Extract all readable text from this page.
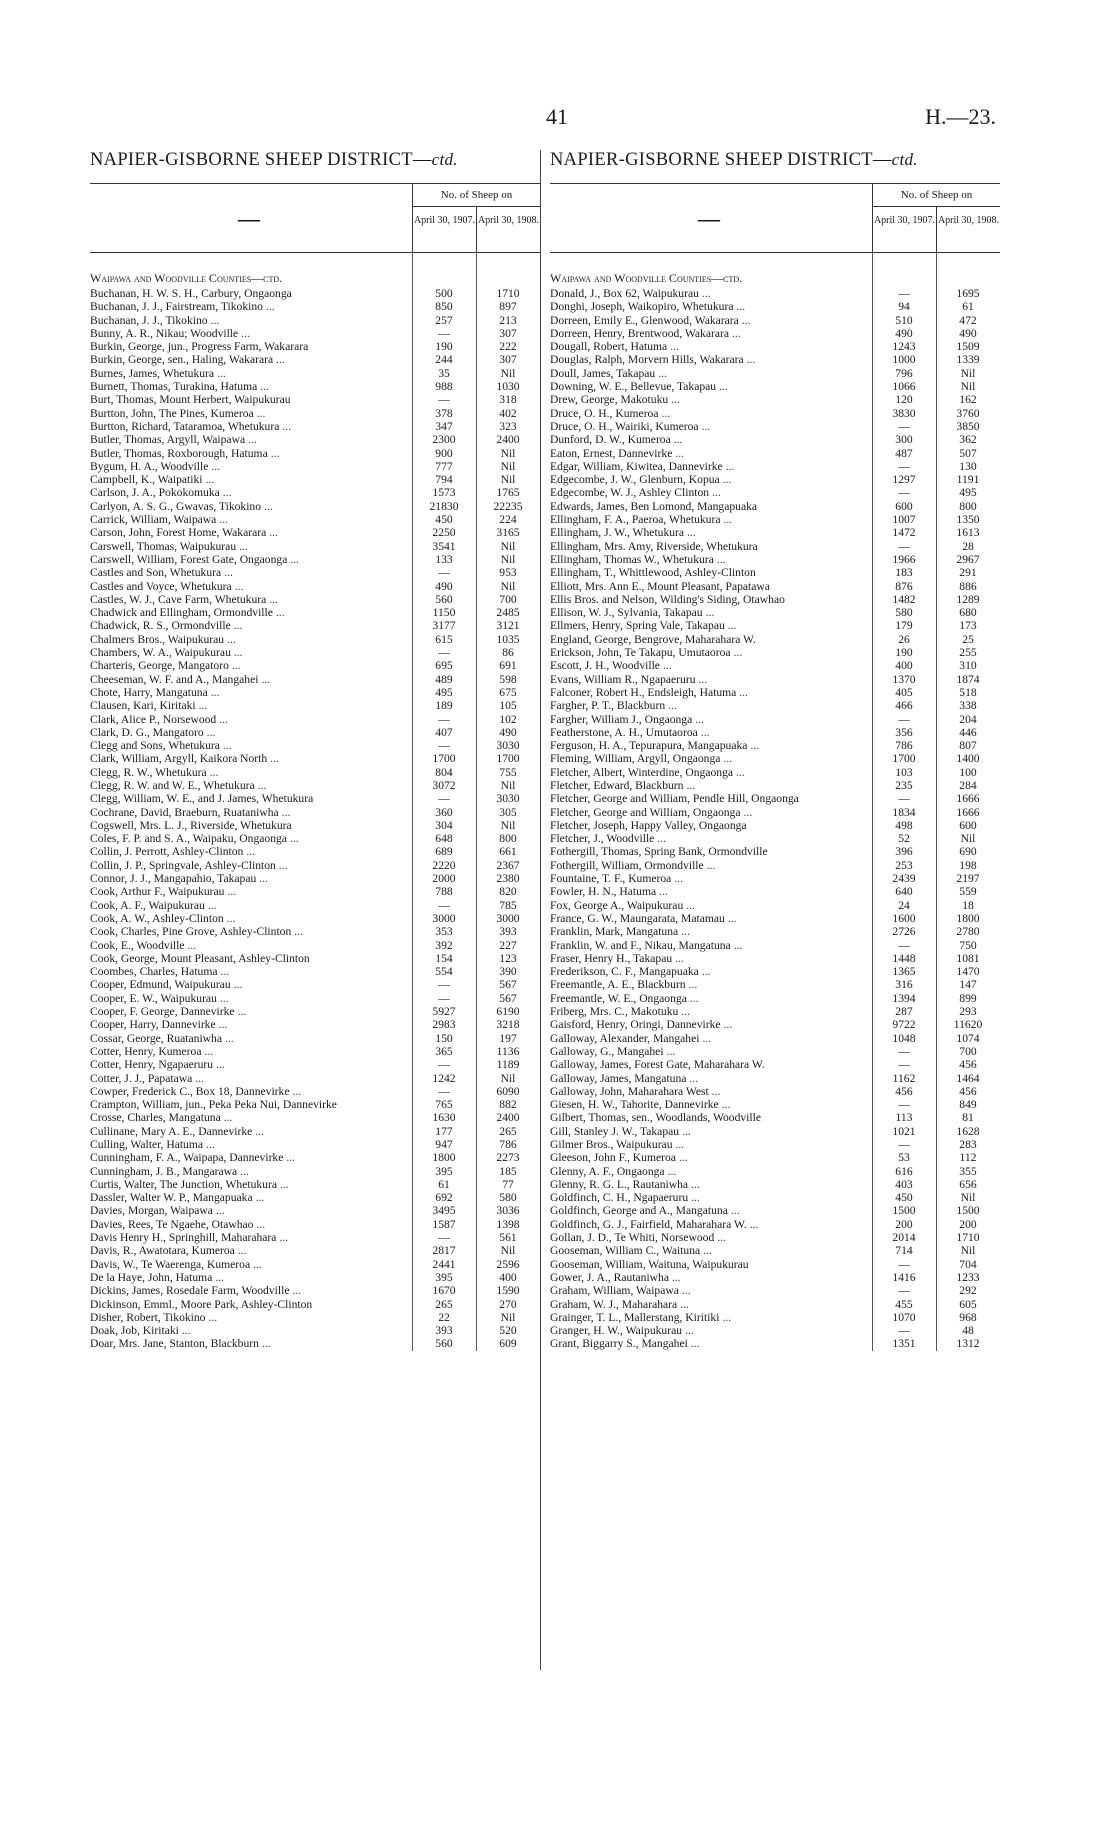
41	H.—23.
NAPIER-GISBORNE SHEEP DISTRICT—ctd.
—
No. of Sheep on
April 30, 1907. April 30, 1908.
Waipawa and Woodville Counties—ctd.
Buchanan, H. W. S. H., Carbury, Ongaonga	500	1710
Buchanan, J. J., Fairstream, Tikokino ...	850	897
Buchanan, J. J., Tikokino ...	257	213
Bunny, A. R., Nikau; Woodville ...	—	307
Burkin, George, jun., Progress Farm, Wakarara	190	222
Burkin, George, sen., Haling, Wakarara ...	244	307
Burnes, James, Whetukura ...	35	Nil
Burnett, Thomas, Turakina, Hatuma ...	988	1030
Burt, Thomas, Mount Herbert, Waipukurau	—	318
Burtton, John, The Pines, Kumeroa ...	378	402
Burtton, Richard, Tataramoa, Whetukura ...	347	323
Butler, Thomas, Argyll, Waipawa ...	2300	2400
Butler, Thomas, Roxborough, Hatuma ...	900	Nil
Bygum, H. A., Woodville ...	777	Nil
Campbell, K., Waipatiki ...	794	Nil
Carlson, J. A., Pokokomuka ...	1573	1765
Carlyon, A. S. G., Gwavas, Tikokino ...	21830	22235
Carrick, William, Waipawa ...	450	224
Carson, John, Forest Home, Wakarara ...	2250	3165
Carswell, Thomas, Waipukurau ...	3541	Nil
Carswell, William, Forest Gate, Ongaonga ...	133	Nil
Castles and Son, Whetukura ...	—	953
Castles and Voyce, Whetukura ...	490	Nil
Castles, W. J., Cave Farm, Whetukura ...	560	700
Chadwick and Ellingham, Ormondville ...	1150	2485
Chadwick, R. S., Ormondville ...	3177	3121
Chalmers Bros., Waipukurau ...	615	1035
Chambers, W. A., Waipukurau ...	—	86
Charteris, George, Mangatoro ...	695	691
Cheeseman, W. F. and A., Mangahei ...	489	598
Chote, Harry, Mangatuna ...	495	675
Clausen, Kari, Kiritaki ...	189	105
Clark, Alice P., Norsewood ...	—	102
Clark, D. G., Mangatoro ...	407	490
Clegg and Sons, Whetukura ...	—	3030
Clark, William, Argyll, Kaikora North ...	1700	1700
Clegg, R. W., Whetukura ...	804	755
Clegg, R. W. and W. E., Whetukura ...	3072	Nil
Clegg, William, W. E., and J. James, Whetukura	—	3030
Cochrane, David, Braeburn, Ruataniwha ...	360	305
Cogswell, Mrs. L. J., Riverside, Whetukura	304	Nil
Coles, F. P. and S. A., Waipaku, Ongaonga ...	648	800
Collin, J. Perrott, Ashley-Clinton ...	689	661
Collin, J. P., Springvale, Ashley-Clinton ...	2220	2367
Connor, J. J., Mangapahio, Takapau ...	2000	2380
Cook, Arthur F., Waipukurau ...	788	820
Cook, A. F., Waipukurau ...	—	785
Cook, A. W., Ashley-Clinton ...	3000	3000
Cook, Charles, Pine Grove, Ashley-Clinton ...	353	393
Cook, E., Woodville ...	392	227
Cook, George, Mount Pleasant, Ashley-Clinton	154	123
Coombes, Charles, Hatuma ...	554	390
Cooper, Edmund, Waipukurau ...	—	567
Cooper, E. W., Waipukurau ...	—	567
Cooper, F. George, Dannevirke ...	5927	6190
Cooper, Harry, Dannevirke ...	2983	3218
Cossar, George, Ruataniwha ...	150	197
Cotter, Henry, Kumeroa ...	365	1136
Cotter, Henry, Ngapaeruru ...	—	1189
Cotter, J. J., Papatawa ...	1242	Nil
Cowper, Frederick C., Box 18, Dannevirke ...	—	6090
Crampton, William, jun., Peka Peka Nui, Dannevirke	765	882
Crosse, Charles, Mangatuna ...	1630	2400
Cullinane, Mary A. E., Dannevirke ...	177	265
Culling, Walter, Hatuma ...	947	786
Cunningham, F. A., Waipapa, Dannevirke ...	1800	2273
Cunningham, J. B., Mangarawa ...	395	185
Curtis, Walter, The Junction, Whetukura ...	61	77
Dassler, Walter W. P., Mangapuaka ...	692	580
Davies, Morgan, Waipawa ...	3495	3036
Davies, Rees, Te Ngaehe, Otawhao ...	1587	1398
Davis Henry H., Springhill, Maharahara ...	—	561
Davis, R., Awatotara, Kumeroa ...	2817	Nil
Davis, W., Te Waerenga, Kumeroa ...	2441	2596
De la Haye, John, Hatuma ...	395	400
Dickins, James, Rosedale Farm, Woodville ...	1670	1590
Dickinson, Emml., Moore Park, Ashley-Clinton	265	270
Disher, Robert, Tikokino ...	22	Nil
Doak, Job, Kiritaki ...	393	520
Doar, Mrs. Jane, Stanton, Blackburn ...	560	609
NAPIER-GISBORNE SHEEP DISTRICT—ctd.
—
No. of Sheep on
April 30, 1907. April 30, 1908.
Waipawa and Woodville Counties—ctd.
Donald, J., Box 62, Waipukurau ...	—	1695
Donghi, Joseph, Waikopiro, Whetukura ...	94	61
Dorreen, Emily E., Glenwood, Wakarara ...	510	472
Dorreen, Henry, Brentwood, Wakarara ...	490	490
Dougall, Robert, Hatuma ...	1243	1509
Douglas, Ralph, Morvern Hills, Wakarara ...	1000	1339
Doull, James, Takapau ...	796	Nil
Downing, W. E., Bellevue, Takapau ...	1066	Nil
Drew, George, Makotuku ...	120	162
Druce, O. H., Kumeroa ...	3830	3760
Druce, O. H., Wairiki, Kumeroa ...	—	3850
Dunford, D. W., Kumeroa ...	300	362
Eaton, Ernest, Dannevirke ...	487	507
Edgar, William, Kiwitea, Dannevirke ...	—	130
Edgecombe, J. W., Glenburn, Kopua ...	1297	1191
Edgecombe, W. J., Ashley Clinton ...	—	495
Edwards, James, Ben Lomond, Mangapuaka	600	800
Ellingham, F. A., Paeroa, Whetukura ...	1007	1350
Ellingham, J. W., Whetukura ...	1472	1613
Ellingham, Mrs. Amy, Riverside, Whetukura	—	28
Ellingham, Thomas W., Whetukura ...	1966	2967
Ellingham, T., Whittlewood, Ashley-Clinton	183	291
Elliott, Mrs. Ann E., Mount Pleasant, Papatawa	876	886
Ellis Bros. and Nelson, Wilding's Siding, Otawhao	1482	1289
Ellison, W. J., Sylvania, Takapau ...	580	680
Ellmers, Henry, Spring Vale, Takapau ...	179	173
England, George, Bengrove, Maharahara W.	26	25
Erickson, John, Te Takapu, Umutaoroa ...	190	255
Escott, J. H., Woodville ...	400	310
Evans, William R., Ngapaeruru ...	1370	1874
Falconer, Robert H., Endsleigh, Hatuma ...	405	518
Fargher, P. T., Blackburn ...	466	338
Fargher, William J., Ongaonga ...	—	204
Featherstone, A. H., Umutaoroa ...	356	446
Ferguson, H. A., Tepurapura, Mangapuaka ...	786	807
Fleming, William, Argyll, Ongaonga ...	1700	1400
Fletcher, Albert, Winterdine, Ongaonga ...	103	100
Fletcher, Edward, Blackburn ...	235	284
Fletcher, George and William, Pendle Hill, Ongaonga	—	1666
Fletcher, George and William, Ongaonga ...	1834	1666
Fletcher, Joseph, Happy Valley, Ongaonga	498	600
Fletcher, J., Woodville ...	52	Nil
Fothergill, Thomas, Spring Bank, Ormondville	396	690
Fothergill, William, Ormondville ...	253	198
Fountaine, T. F., Kumeroa ...	2439	2197
Fowler, H. N., Hatuma ...	640	559
Fox, George A., Waipukurau ...	24	18
France, G. W., Maungarata, Matamau ...	1600	1800
Franklin, Mark, Mangatuna ...	2726	2780
Franklin, W. and F., Nikau, Mangatuna ...	—	750
Fraser, Henry H., Takapau ...	1448	1081
Frederikson, C. F., Mangapuaka ...	1365	1470
Freemantle, A. E., Blackburn ...	316	147
Freemantle, W. E., Ongaonga ...	1394	899
Friberg, Mrs. C., Makotuku ...	287	293
Gaisford, Henry, Oringi, Dannevirke ...	9722	11620
Galloway, Alexander, Mangahei ...	1048	1074
Galloway, G., Mangahei ...	—	700
Galloway, James, Forest Gate, Maharahara W.	—	456
Galloway, James, Mangatuna ...	1162	1464
Galloway, John, Maharahara West ...	456	456
Giesen, H. W., Tahorite, Dannevirke ...	—	849
Gilbert, Thomas, sen., Woodlands, Woodville	113	81
Gill, Stanley J. W., Takapau ...	1021	1628
Gilmer Bros., Waipukurau ...	—	283
Gleeson, John F., Kumeroa ...	53	112
Glenny, A. F., Ongaonga ...	616	355
Glenny, R. G. L., Rautaniwha ...	403	656
Goldfinch, C. H., Ngapaeruru ...	450	Nil
Goldfinch, George and A., Mangatuna ...	1500	1500
Goldfinch, G. J., Fairfield, Maharahara W. ...	200	200
Gollan, J. D., Te Whiti, Norsewood ...	2014	1710
Gooseman, William C., Waituna ...	714	Nil
Gooseman, William, Waituna, Waipukurau	—	704
Gower, J. A., Rautaniwha ...	1416	1233
Graham, William, Waipawa ...	—	292
Graham, W. J., Maharahara ...	455	605
Grainger, T. L., Mallerstang, Kiritiki ...	1070	968
Granger, H. W., Waipukurau ...	—	48
Grant, Biggarry S., Mangahei ...	1351	1312
